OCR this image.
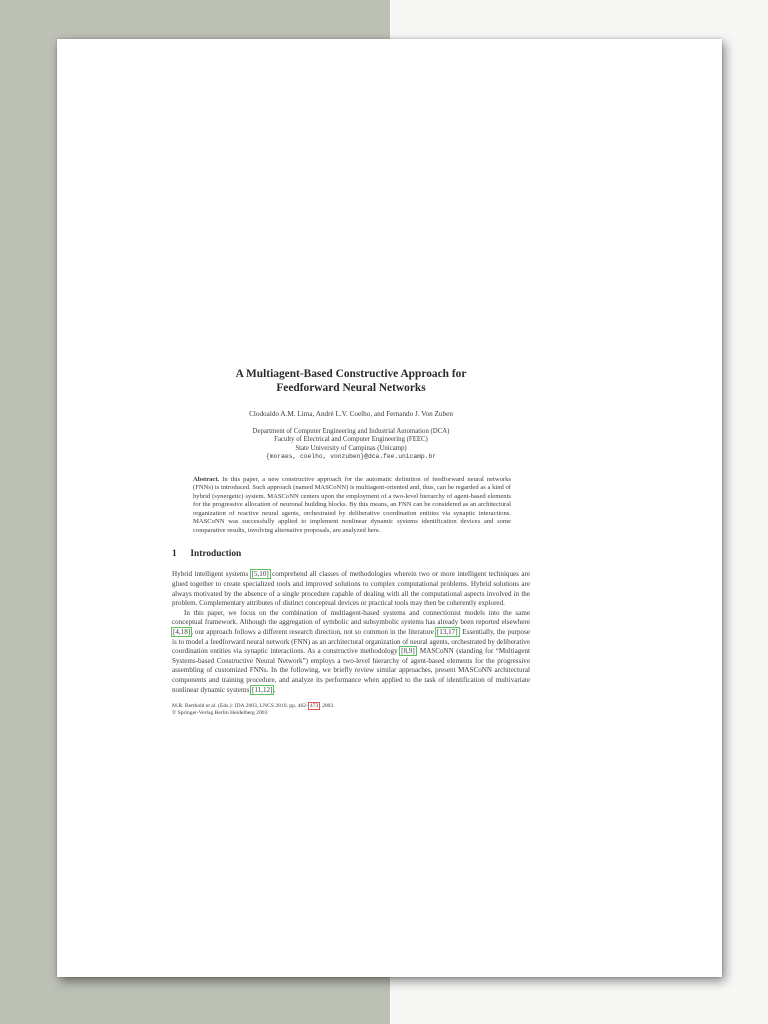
A Multiagent-Based Constructive Approach for
Feedforward Neural Networks
Clodoaldo A.M. Lima, André L.V. Coelho, and Fernando J. Von Zuben
Department of Computer Engineering and Industrial Automation (DCA)
Faculty of Electrical and Computer Engineering (FEEC)
State University of Campinas (Unicamp)
{moraes, coelho, vonzuben}@dca.fee.unicamp.br
Abstract. In this paper, a new constructive approach for the automatic definition of feedforward neural networks (FNNs) is introduced. Such approach (named MASCoNN) is multiagent-oriented and, thus, can be regarded as a kind of hybrid (synergetic) system. MASCoNN centers upon the employment of a two-level hierarchy of agent-based elements for the progressive allocation of neuronal building blocks. By this means, an FNN can be considered as an architectural organization of reactive neural agents, orchestrated by deliberative coordination entities via synaptic interactions. MASCoNN was successfully applied to implement nonlinear dynamic systems identification devices and some comparative results, involving alternative proposals, are analyzed here.
1 Introduction
Hybrid intelligent systems [5,10] comprehend all classes of methodologies wherein two or more intelligent techniques are glued together to create specialized tools and improved solutions to complex computational problems. Hybrid solutions are always motivated by the absence of a single procedure capable of dealing with all the computational aspects involved in the problem. Complementary attributes of distinct conceptual devices or practical tools may then be coherently explored.
In this paper, we focus on the combination of multiagent-based systems and connectionist models into the same conceptual framework. Although the aggregation of symbolic and subsymbolic systems has already been reported elsewhere [4,18], our approach follows a different research direction, not so common in the literature [13,17]. Essentially, the purpose is to model a feedforward neural network (FNN) as an architectural organization of neural agents, orchestrated by deliberative coordination entities via synaptic interactions. As a constructive methodology [8,9], MASCoNN (standing for “Multiagent Systems-based Constructive Neural Network”) employs a two-level hierarchy of agent-based elements for the progressive assembling of customized FNNs. In the following, we briefly review similar approaches, present MASCoNN architectural components and training procedure, and analyze its performance when applied to the task of identification of multivariate nonlinear dynamic systems [11,12].
M.R. Berthold et al. (Eds.): IDA 2003, LNCS 2810, pp. 462–473, 2003.
© Springer-Verlag Berlin Heidelberg 2003
